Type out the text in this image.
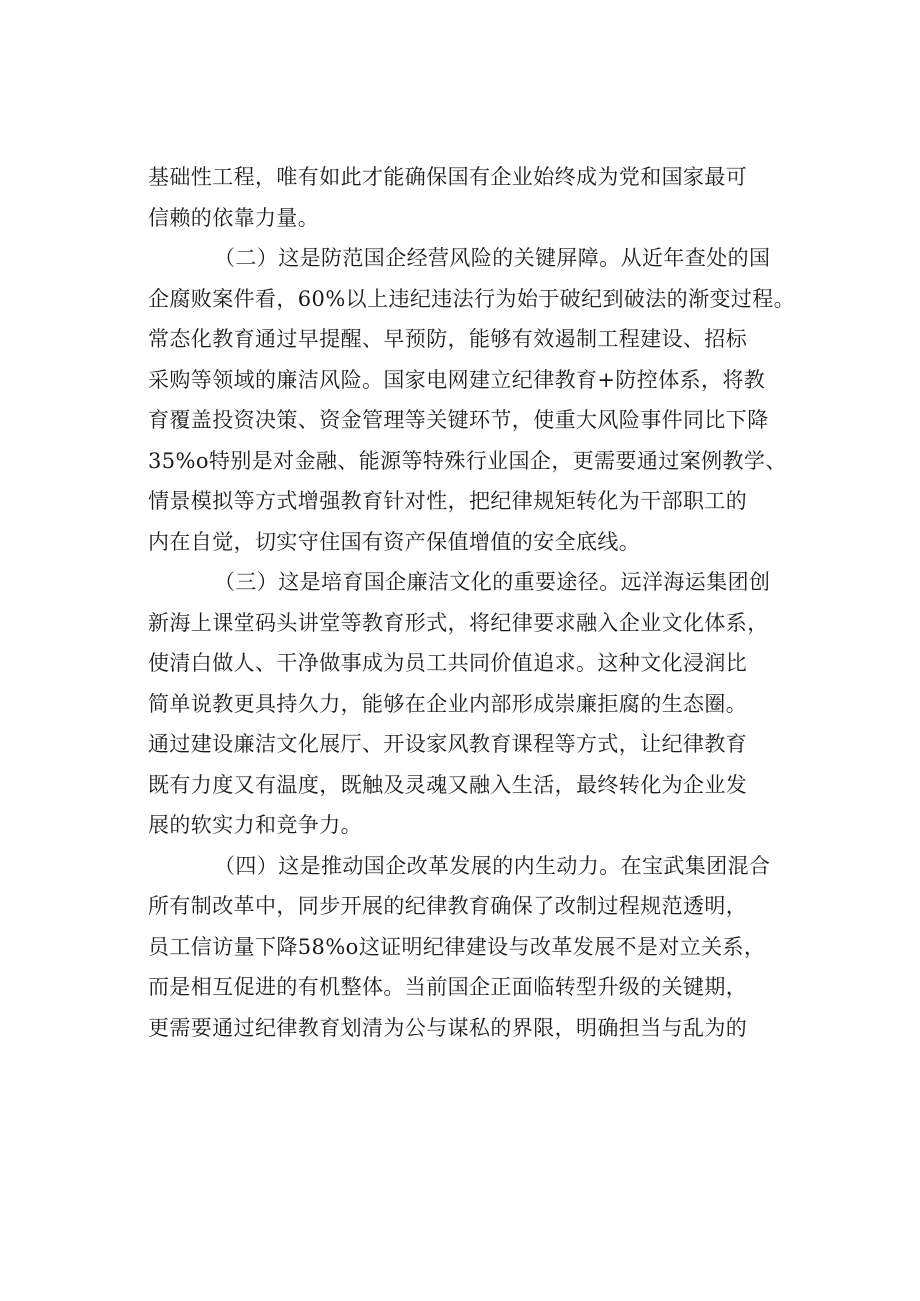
基础性工程，唯有如此才能确保国有企业始终成为党和国家最可
信赖的依靠力量。
（二）这是防范国企经营风险的关键屏障。从近年查处的国
企腐败案件看，60%以上违纪违法行为始于破纪到破法的渐变过程。
常态化教育通过早提醒、早预防，能够有效遏制工程建设、招标
采购等领域的廉洁风险。国家电网建立纪律教育+防控体系，将教
育覆盖投资决策、资金管理等关键环节，使重大风险事件同比下降
35%o特别是对金融、能源等特殊行业国企，更需要通过案例教学、
情景模拟等方式增强教育针对性，把纪律规矩转化为干部职工的
内在自觉，切实守住国有资产保值增值的安全底线。
（三）这是培育国企廉洁文化的重要途径。远洋海运集团创
新海上课堂码头讲堂等教育形式，将纪律要求融入企业文化体系，
使清白做人、干净做事成为员工共同价值追求。这种文化浸润比
简单说教更具持久力，能够在企业内部形成崇廉拒腐的生态圈。
通过建设廉洁文化展厅、开设家风教育课程等方式，让纪律教育
既有力度又有温度，既触及灵魂又融入生活，最终转化为企业发
展的软实力和竞争力。
（四）这是推动国企改革发展的内生动力。在宝武集团混合
所有制改革中，同步开展的纪律教育确保了改制过程规范透明，
员工信访量下降58%o这证明纪律建设与改革发展不是对立关系，
而是相互促进的有机整体。当前国企正面临转型升级的关键期，
更需要通过纪律教育划清为公与谋私的界限，明确担当与乱为的
